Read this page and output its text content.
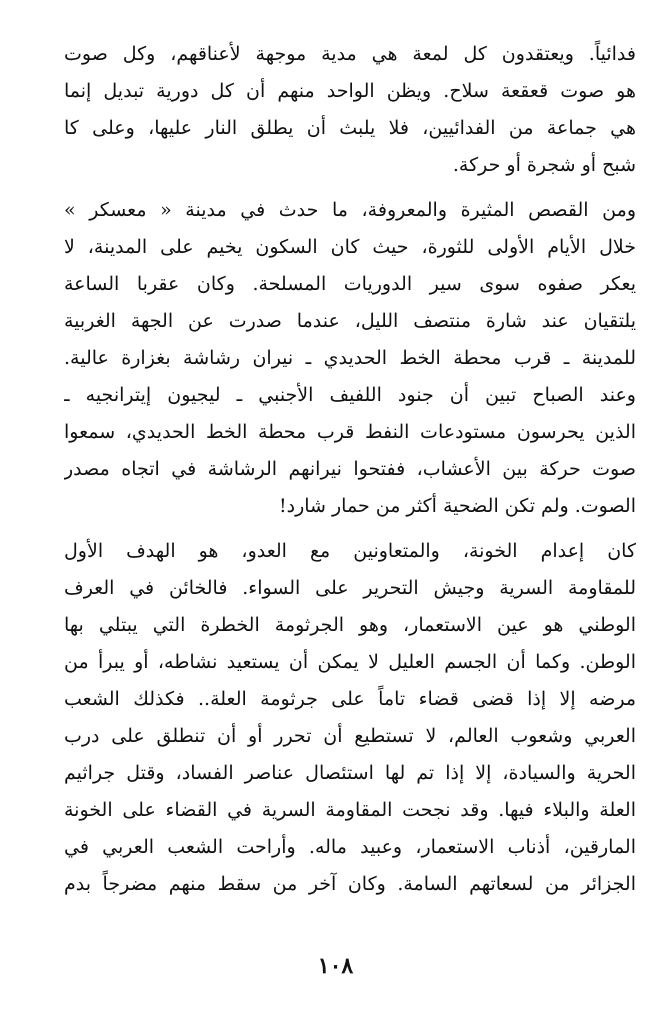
فدائياً. ويعتقدون كل لمعة هي مدية موجهة لأعناقهم، وكل صوت
هو صوت قعقعة سلاح. ويظن الواحد منهم أن كل دورية تبديل إنما
هي جماعة من الفدائيين، فلا يلبث أن يطلق النار عليها، وعلى كا
شبح أو شجرة أو حركة.
ومن القصص المثيرة والمعروفة، ما حدث في مدينة « معسكر »
خلال الأيام الأولى للثورة، حيث كان السكون يخيم على المدينة، لا
يعكر صفوه سوى سير الدوريات المسلحة. وكان عقربا الساعة
يلتقيان عند شارة منتصف الليل، عندما صدرت عن الجهة الغربية
للمدينة ـ قرب محطة الخط الحديدي ـ نيران رشاشة بغزارة عالية.
وعند الصباح تبين أن جنود اللفيف الأجنبي ـ ليجيون إيترانجيه ـ
الذين يحرسون مستودعات النفط قرب محطة الخط الحديدي، سمعوا
صوت حركة بين الأعشاب، ففتحوا نيرانهم الرشاشة في اتجاه مصدر
الصوت. ولم تكن الضحية أكثر من حمار شارد!
كان إعدام الخونة، والمتعاونين مع العدو، هو الهدف الأول
للمقاومة السرية وجيش التحرير على السواء. فالخائن في العرف
الوطني هو عين الاستعمار، وهو الجرثومة الخطرة التي يبتلي بها
الوطن. وكما أن الجسم العليل لا يمكن أن يستعيد نشاطه، أو يبرأ من
مرضه إلا إذا قضى قضاء تاماً على جرثومة العلة.. فكذلك الشعب
العربي وشعوب العالم، لا تستطيع أن تحرر أو أن تنطلق على درب
الحرية والسيادة، إلا إذا تم لها استئصال عناصر الفساد، وقتل جراثيم
العلة والبلاء فيها. وقد نجحت المقاومة السرية في القضاء على الخونة
المارقين، أذناب الاستعمار، وعبيد ماله. وأراحت الشعب العربي في
الجزائر من لسعاتهم السامة. وكان آخر من سقط منهم مضرجاً بدم
١٠٨
